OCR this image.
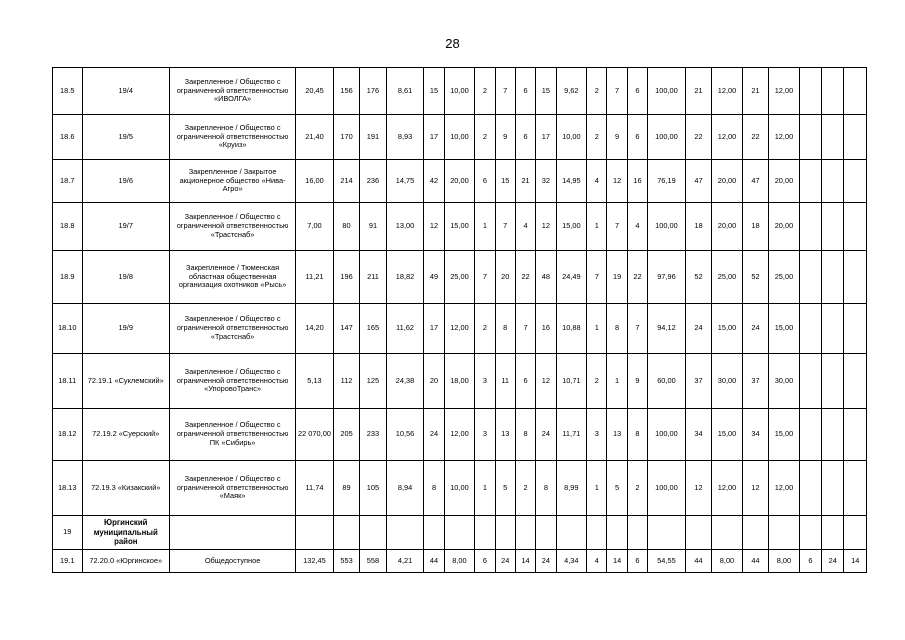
28
18.5	19/4	Закрепленное / Общество с ограниченной ответственностью «ИВОЛГА»	20,45	156	176	8,61	15	10,00	2	7	6	15	9,62	2	7	6	100,00	21	12,00	21	12,00			
18.6	19/5	Закрепленное / Общество с ограниченной ответственностью «Круиз»	21,40	170	191	8,93	17	10,00	2	9	6	17	10,00	2	9	6	100,00	22	12,00	22	12,00			
18.7	19/6	Закрепленное / Закрытое акционерное общество «Нива-Агро»	16,00	214	236	14,75	42	20,00	6	15	21	32	14,95	4	12	16	76,19	47	20,00	47	20,00			
18.8	19/7	Закрепленное / Общество с ограниченной ответственностью «Трастснаб»	7,00	80	91	13,00	12	15,00	1	7	4	12	15,00	1	7	4	100,00	18	20,00	18	20,00			
18.9	19/8	Закрепленное / Тюменская областная общественная организация охотников «Рысь»	11,21	196	211	18,82	49	25,00	7	20	22	48	24,49	7	19	22	97,96	52	25,00	52	25,00			
18.10	19/9	Закрепленное / Общество с ограниченной ответственностью «Трастснаб»	14,20	147	165	11,62	17	12,00	2	8	7	16	10,88	1	8	7	94,12	24	15,00	24	15,00			
18.11	72.19.1 «Суклемский»	Закрепленное / Общество с ограниченной ответственностью «УпоровоТранс»	5,13	112	125	24,38	20	18,00	3	11	6	12	10,71	2	1	9	60,00	37	30,00	37	30,00			
18.12	72.19.2 «Суерский»	Закрепленное / Общество с ограниченной ответственностью ПК «Сибирь»	22 070,00	205	233	10,56	24	12,00	3	13	8	24	11,71	3	13	8	100,00	34	15,00	34	15,00			
18.13	72.19.3 «Кизакский»	Закрепленное / Общество с ограниченной ответственностью «Маяк»	11,74	89	105	8,94	8	10,00	1	5	2	8	8,99	1	5	2	100,00	12	12,00	12	12,00			
19	Юргинский муниципальный район																							
19.1	72.20.0 «Юргинское»	Общедоступное	132,45	553	558	4,21	44	8,00	6	24	14	24	4,34	4	14	6	54,55	44	8,00	44	8,00	6	24	14
